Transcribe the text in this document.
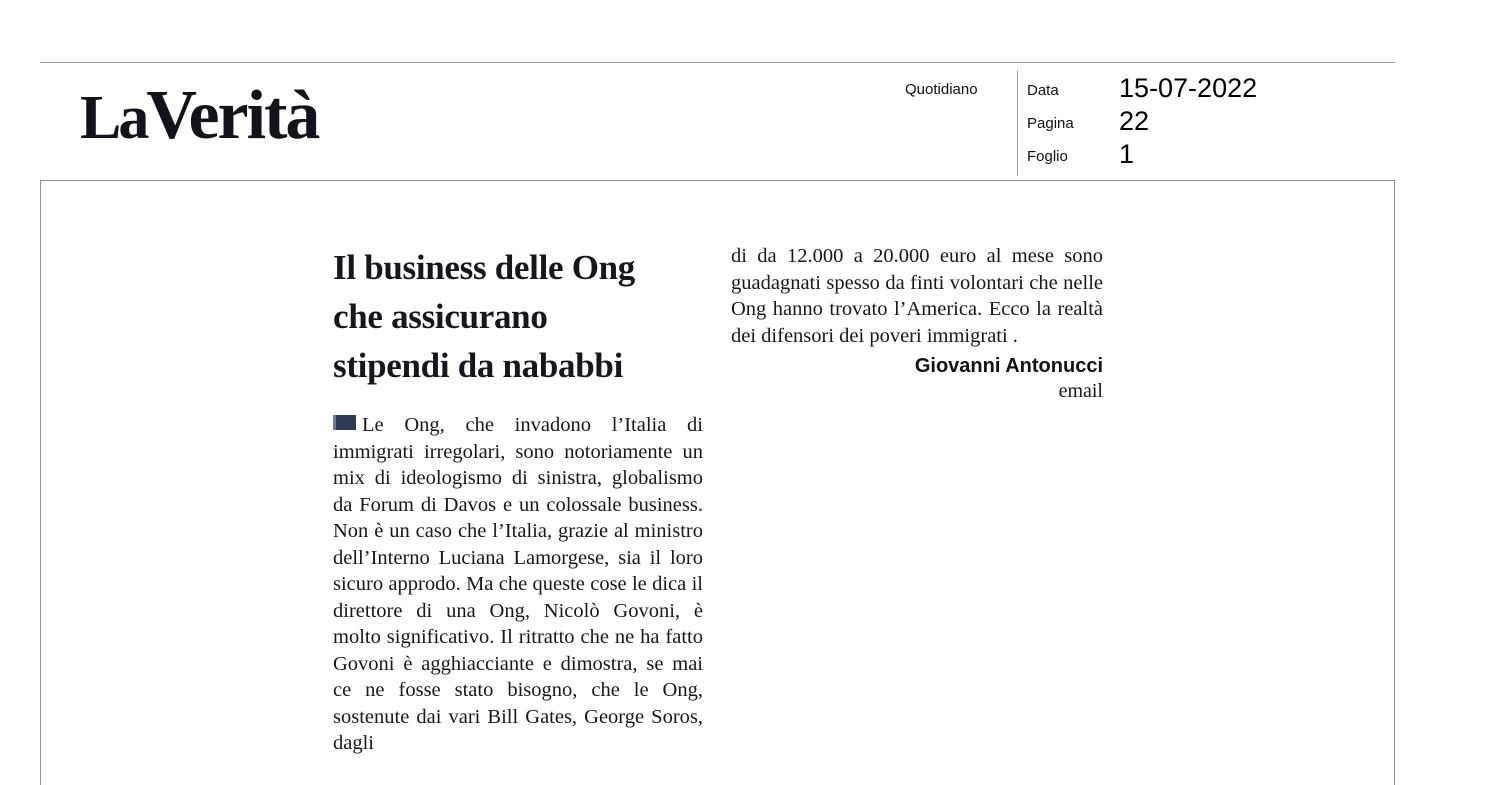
LaVerità	Quotidiano	Data 15-07-2022
Pagina 22
Foglio 1
Il business delle Ong
che assicurano
stipendi da nababbi

Le Ong, che invadono l’Italia di immigrati irregolari, sono notoriamente un mix di ideologismo di sinistra, globalismo da Forum di Davos e un colossale business. Non è un caso che l’Italia, grazie al ministro dell’Interno Luciana Lamorgese, sia il loro sicuro approdo. Ma che queste cose le dica il direttore di una Ong, Nicolò Govoni, è molto significativo. Il ritratto che ne ha fatto Govoni è agghiacciante e dimostra, se mai ce ne fosse stato bisogno, che le Ong, sostenute dai vari Bill Gates, George Soros, dagli

di da 12.000 a 20.000 euro al mese sono guadagnati spesso da finti volontari che nelle Ong hanno trovato l’America. Ecco la realtà dei difensori dei poveri immigrati .

Giovanni Antonucci
email
